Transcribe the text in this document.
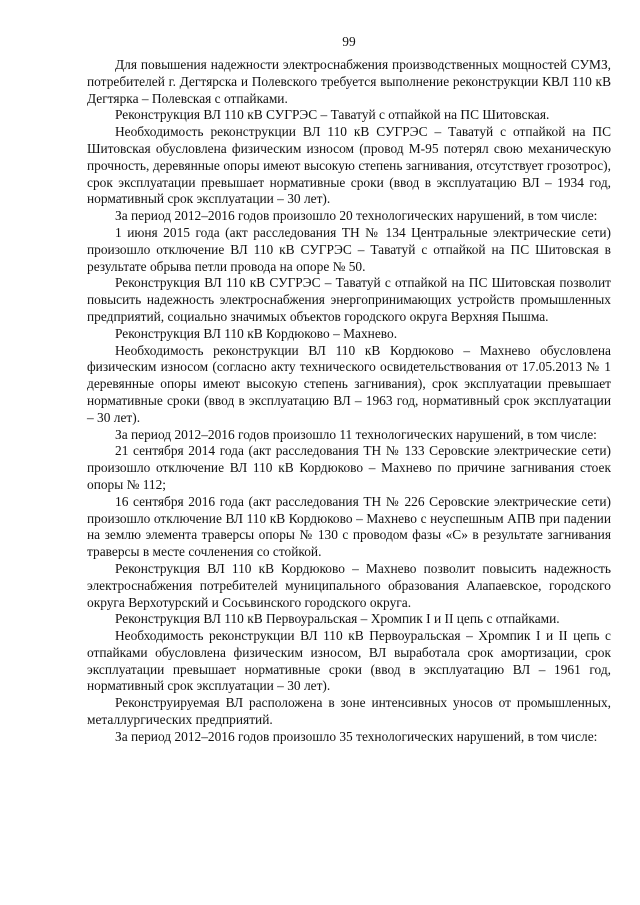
99

Для повышения надежности электроснабжения производственных мощностей СУМЗ, потребителей г. Дегтярска и Полевского требуется выполнение реконструкции КВЛ 110 кВ Дегтярка – Полевская с отпайками.

Реконструкция ВЛ 110 кВ СУГРЭС – Таватуй с отпайкой на ПС Шитовская.

Необходимость реконструкции ВЛ 110 кВ СУГРЭС – Таватуй с отпайкой на ПС Шитовская обусловлена физическим износом (провод М-95 потерял свою механическую прочность, деревянные опоры имеют высокую степень загнивания, отсутствует грозотрос), срок эксплуатации превышает нормативные сроки (ввод в эксплуатацию ВЛ – 1934 год, нормативный срок эксплуатации – 30 лет).

За период 2012–2016 годов произошло 20 технологических нарушений, в том числе:

1 июня 2015 года (акт расследования ТН № 134 Центральные электрические сети) произошло отключение ВЛ 110 кВ СУГРЭС – Таватуй с отпайкой на ПС Шитовская в результате обрыва петли провода на опоре № 50.

Реконструкция ВЛ 110 кВ СУГРЭС – Таватуй с отпайкой на ПС Шитовская позволит повысить надежность электроснабжения энергопринимающих устройств промышленных предприятий, социально значимых объектов городского округа Верхняя Пышма.

Реконструкция ВЛ 110 кВ Кордюково – Махнево.

Необходимость реконструкции ВЛ 110 кВ Кордюково – Махнево обусловлена физическим износом (согласно акту технического освидетельствования от 17.05.2013 № 1 деревянные опоры имеют высокую степень загнивания), срок эксплуатации превышает нормативные сроки (ввод в эксплуатацию ВЛ – 1963 год, нормативный срок эксплуатации – 30 лет).

За период 2012–2016 годов произошло 11 технологических нарушений, в том числе:

21 сентября 2014 года (акт расследования ТН № 133 Серовские электрические сети) произошло отключение ВЛ 110 кВ Кордюково – Махнево по причине загнивания стоек опоры № 112;

16 сентября 2016 года (акт расследования ТН № 226 Серовские электрические сети) произошло отключение ВЛ 110 кВ Кордюково – Махнево с неуспешным АПВ при падении на землю элемента траверсы опоры № 130 с проводом фазы «С» в результате загнивания траверсы в месте сочленения со стойкой.

Реконструкция ВЛ 110 кВ Кордюково – Махнево позволит повысить надежность электроснабжения потребителей муниципального образования Алапаевское, городского округа Верхотурский и Сосьвинского городского округа.

Реконструкция ВЛ 110 кВ Первоуральская – Хромпик I и II цепь с отпайками.

Необходимость реконструкции ВЛ 110 кВ Первоуральская – Хромпик I и II цепь с отпайками обусловлена физическим износом, ВЛ выработала срок амортизации, срок эксплуатации превышает нормативные сроки (ввод в эксплуатацию ВЛ – 1961 год, нормативный срок эксплуатации – 30 лет).

Реконструируемая ВЛ расположена в зоне интенсивных уносов от промышленных, металлургических предприятий.

За период 2012–2016 годов произошло 35 технологических нарушений, в том числе:
